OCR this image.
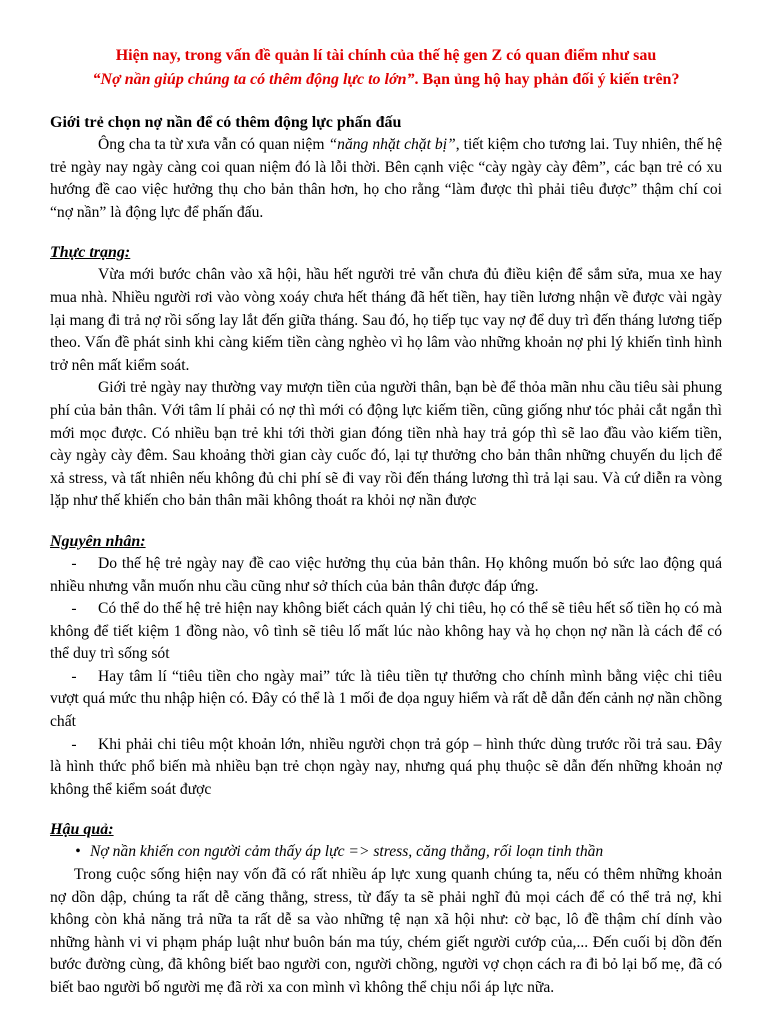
Hiện nay, trong vấn đề quản lí tài chính của thế hệ gen Z có quan điểm như sau
“Nợ nần giúp chúng ta có thêm động lực to lớn”. Bạn ủng hộ hay phản đối ý kiến trên?
Giới trẻ chọn nợ nần để có thêm động lực phấn đấu

Ông cha ta từ xưa vẫn có quan niệm “năng nhặt chặt bị”, tiết kiệm cho tương lai. Tuy nhiên, thế hệ trẻ ngày nay ngày càng coi quan niệm đó là lỗi thời. Bên cạnh việc “cày ngày cày đêm”, các bạn trẻ có xu hướng đề cao việc hưởng thụ cho bản thân hơn, họ cho rằng “làm được thì phải tiêu được” thậm chí coi “nợ nần” là động lực để phấn đấu.

Thực trạng:

Vừa mới bước chân vào xã hội, hầu hết người trẻ vẫn chưa đủ điều kiện để sắm sửa, mua xe hay mua nhà. Nhiều người rơi vào vòng xoáy chưa hết tháng đã hết tiền, hay tiền lương nhận về được vài ngày lại mang đi trả nợ rồi sống lay lắt đến giữa tháng. Sau đó, họ tiếp tục vay nợ để duy trì đến tháng lương tiếp theo. Vấn đề phát sinh khi càng kiếm tiền càng nghèo vì họ lâm vào những khoản nợ phi lý khiến tình hình trở nên mất kiểm soát.

Giới trẻ ngày nay thường vay mượn tiền của người thân, bạn bè để thỏa mãn nhu cầu tiêu sài phung phí của bản thân. Với tâm lí phải có nợ thì mới có động lực kiếm tiền, cũng giống như tóc phải cắt ngắn thì mới mọc được. Có nhiều bạn trẻ khi tới thời gian đóng tiền nhà hay trả góp thì sẽ lao đầu vào kiếm tiền, cày ngày cày đêm. Sau khoảng thời gian cày cuốc đó, lại tự thưởng cho bản thân những chuyến du lịch để xả stress, và tất nhiên nếu không đủ chi phí sẽ đi vay rồi đến tháng lương thì trả lại sau. Và cứ diễn ra vòng lặp như thế khiến cho bản thân mãi không thoát ra khỏi nợ nần được

Nguyên nhân:
- Do thế hệ trẻ ngày nay đề cao việc hưởng thụ của bản thân. Họ không muốn bỏ sức lao động quá nhiều nhưng vẫn muốn nhu cầu cũng như sở thích của bản thân được đáp ứng.
- Có thể do thế hệ trẻ hiện nay không biết cách quản lý chi tiêu, họ có thể sẽ tiêu hết số tiền họ có mà không để tiết kiệm 1 đồng nào, vô tình sẽ tiêu lố mất lúc nào không hay và họ chọn nợ nần là cách để có thể duy trì sống sót
- Hay tâm lí “tiêu tiền cho ngày mai” tức là tiêu tiền tự thưởng cho chính mình bằng việc chi tiêu vượt quá mức thu nhập hiện có. Đây có thể là 1 mối đe dọa nguy hiểm và rất dễ dẫn đến cảnh nợ nần chồng chất
- Khi phải chi tiêu một khoản lớn, nhiều người chọn trả góp – hình thức dùng trước rồi trả sau. Đây là hình thức phổ biến mà nhiều bạn trẻ chọn ngày nay, nhưng quá phụ thuộc sẽ dẫn đến những khoản nợ không thể kiểm soát được
Hậu quả:
• Nợ nần khiến con người cảm thấy áp lực => stress, căng thẳng, rối loạn tinh thần

Trong cuộc sống hiện nay vốn đã có rất nhiều áp lực xung quanh chúng ta, nếu có thêm những khoản nợ dồn dập, chúng ta rất dễ căng thẳng, stress, từ đấy ta sẽ phải nghĩ đủ mọi cách để có thể trả nợ, khi không còn khả năng trả nữa ta rất dễ sa vào những tệ nạn xã hội như: cờ bạc, lô đề thậm chí dính vào những hành vi vi phạm pháp luật như buôn bán ma túy, chém giết người cướp của,... Đến cuối bị dồn đến bước đường cùng, đã không biết bao người con, người chồng, người vợ chọn cách ra đi bỏ lại bố mẹ, đã có biết bao người bố người mẹ đã rời xa con mình vì không thể chịu nổi áp lực nữa.
